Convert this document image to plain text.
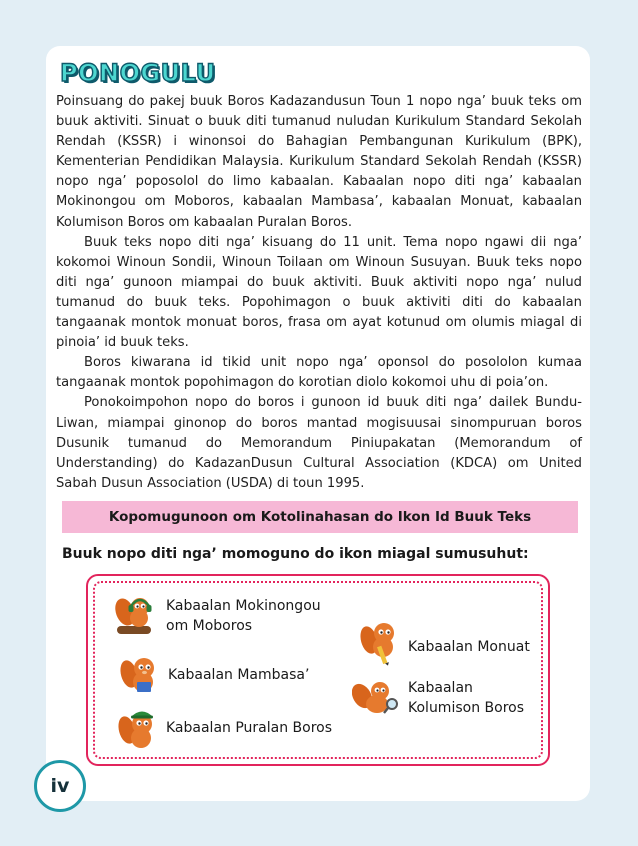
PONOGULU

Poinsuang do pakej buuk Boros Kadazandusun Toun 1 nopo nga’ buuk teks om buuk aktiviti. Sinuat o buuk diti tumanud nuludan Kurikulum Standard Sekolah Rendah (KSSR) i winonsoi do Bahagian Pembangunan Kurikulum (BPK), Kementerian Pendidikan Malaysia. Kurikulum Standard Sekolah Rendah (KSSR) nopo nga’ poposolol do limo kabaalan. Kabaalan nopo diti nga’ kabaalan Mokinongou om Moboros, kabaalan Mambasa’, kabaalan Monuat, kabaalan Kolumison Boros om kabaalan Puralan Boros.

Buuk teks nopo diti nga’ kisuang do 11 unit. Tema nopo ngawi dii nga’ kokomoi Winoun Sondii, Winoun Toilaan om Winoun Susuyan. Buuk teks nopo diti nga’ gunoon miampai do buuk aktiviti. Buuk aktiviti nopo nga’ nulud tumanud do buuk teks. Popohimagon o buuk aktiviti diti do kabaalan tangaanak montok monuat boros, frasa om ayat kotunud om olumis miagal di pinoia’ id buuk teks.

Boros kiwarana id tikid unit nopo nga’ oponsol do posololon kumaa tangaanak montok popohimagon do korotian diolo kokomoi uhu di poia’on.

Ponokoimpohon nopo do boros i gunoon id buuk diti nga’ dailek Bundu-Liwan, miampai ginonop do boros mantad mogisuusai sinompuruan boros Dusunik tumanud do Memorandum Piniupakatan (Memorandum of Understanding) do KadazanDusun Cultural Association (KDCA) om United Sabah Dusun Association (USDA) di toun 1995.

Kopomugunoon om Kotolinahasan do Ikon Id Buuk Teks
Buuk nopo diti nga’ momoguno do ikon miagal sumusuhut:
Kabaalan Mokinongou
om Moboros
Kabaalan Mambasa’
Kabaalan Puralan Boros
Kabaalan Monuat
Kabaalan
Kolumison Boros
iv
